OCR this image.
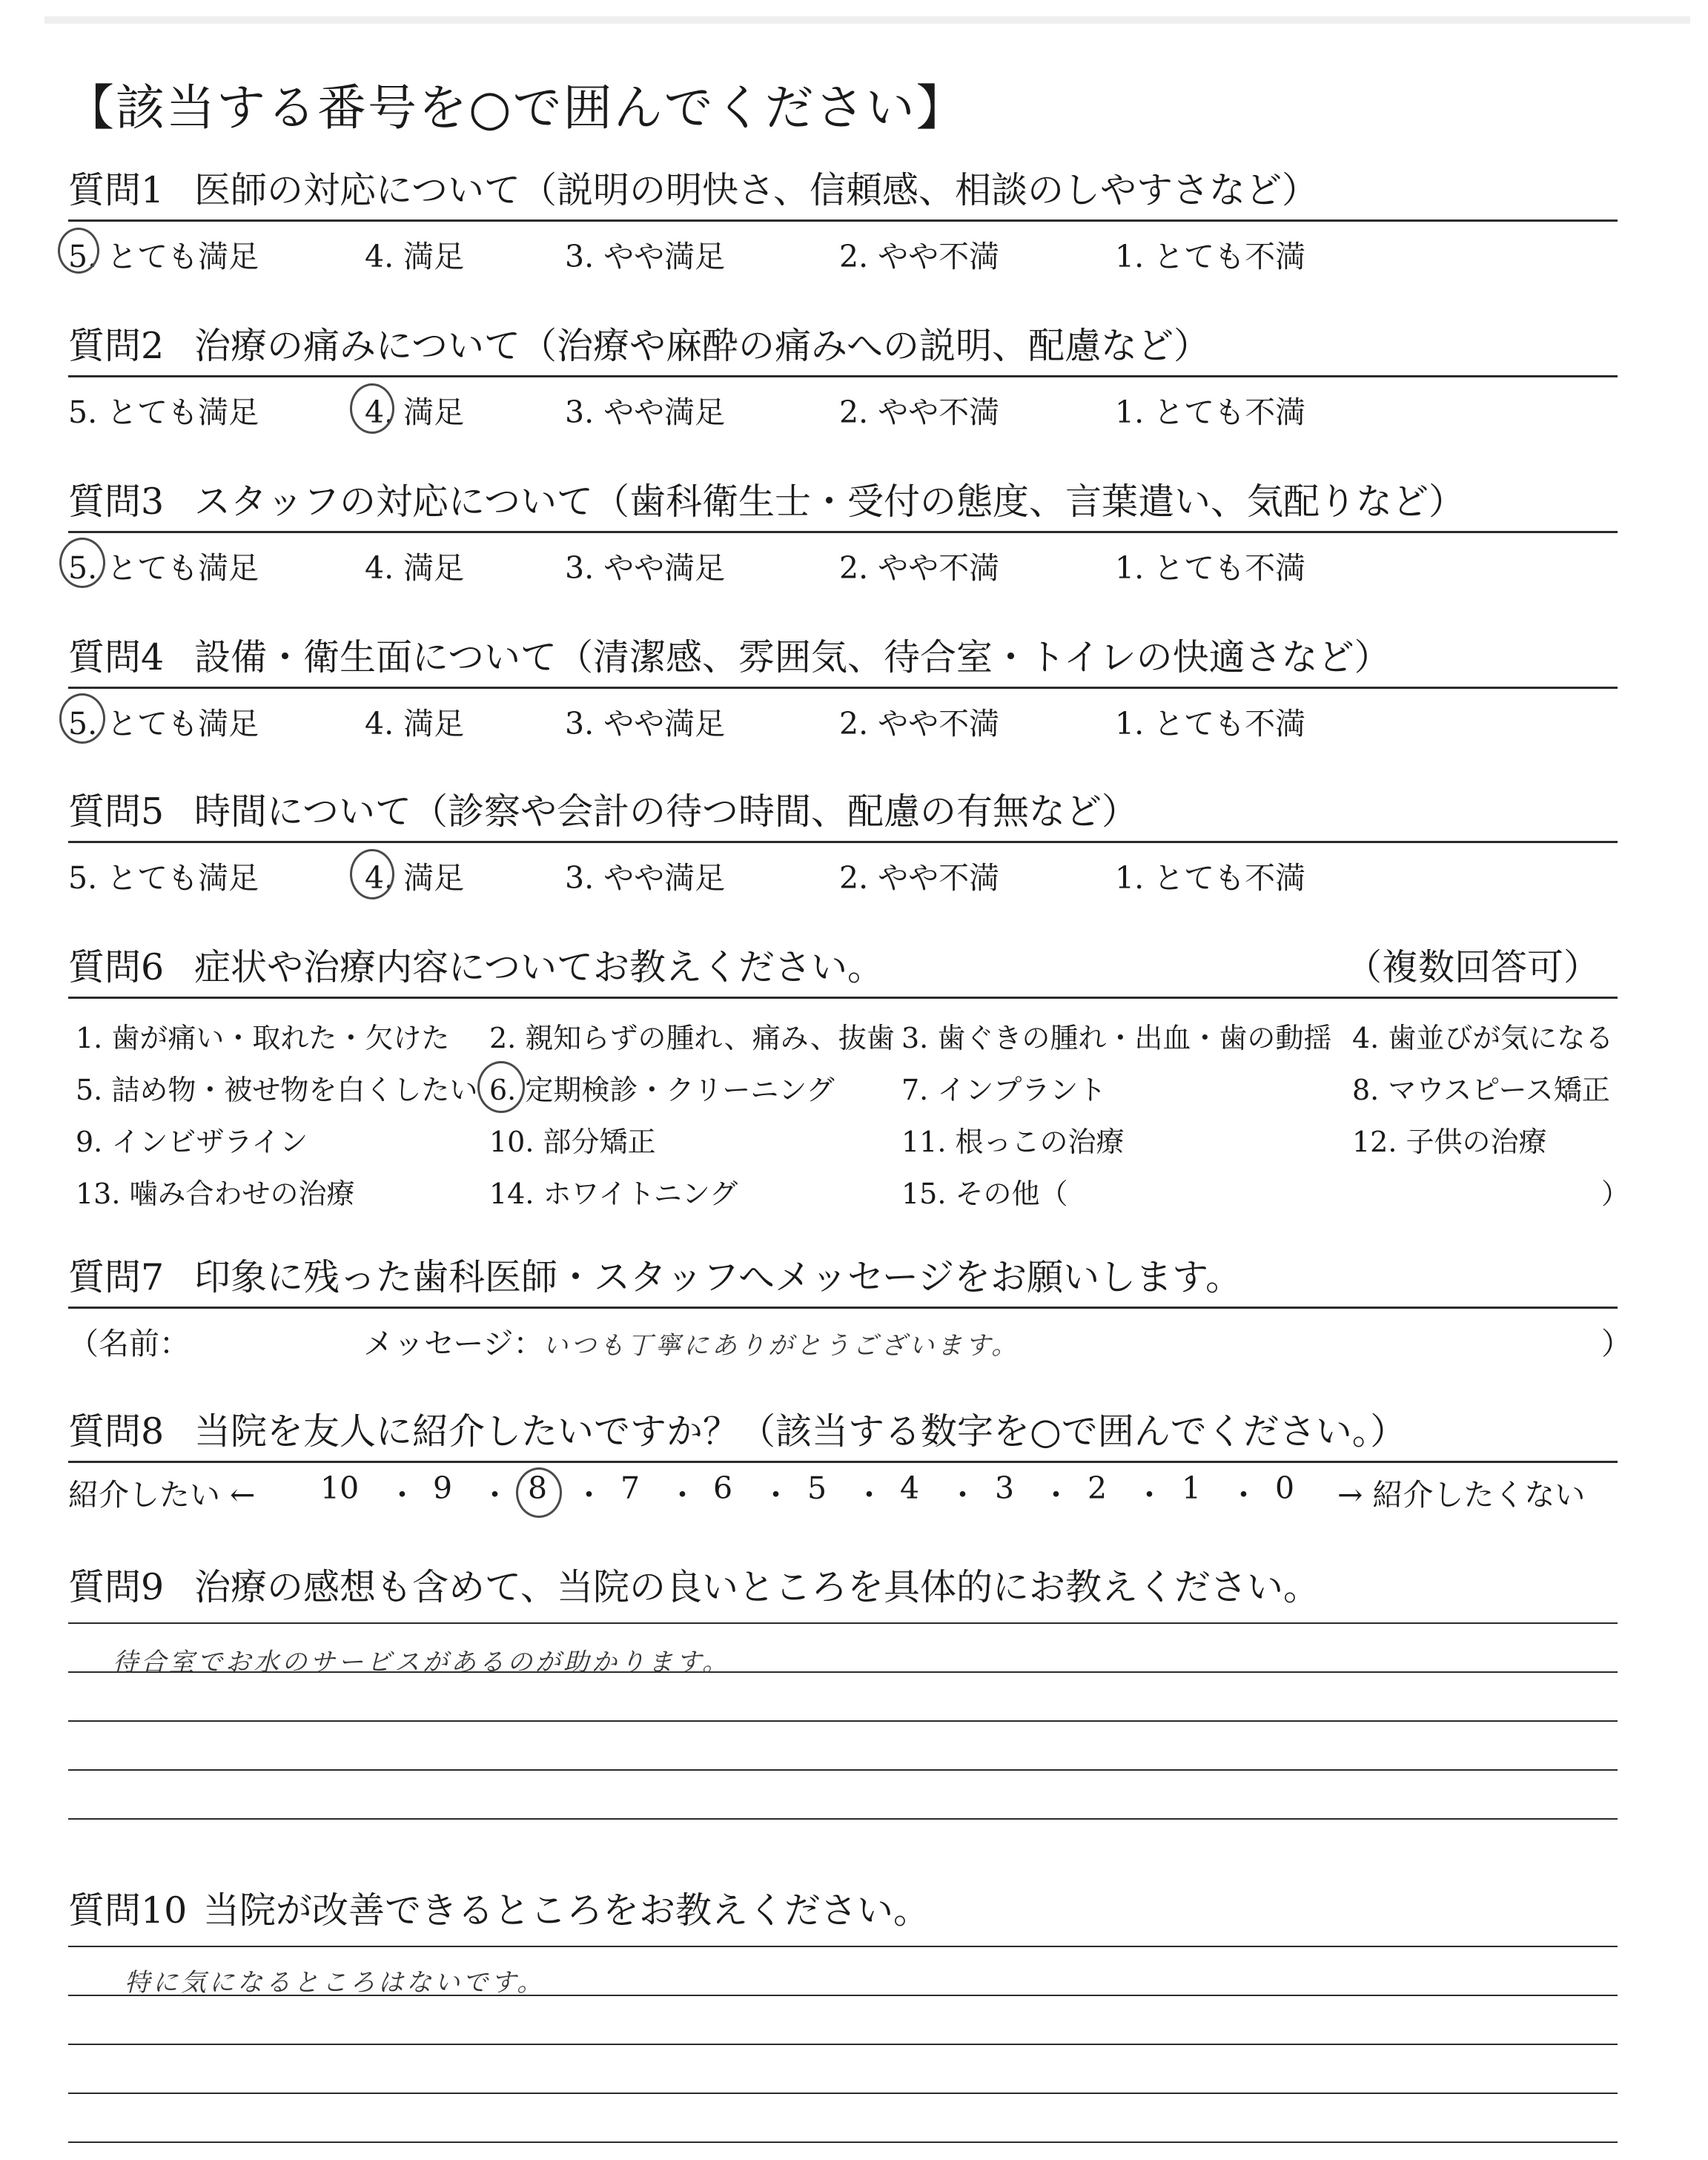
【該当する番号を○で囲んでください】
質問1 医師の対応について（説明の明快さ、信頼感、相談のしやすさなど）
5. とても満足	4. 満足	3. やや満足	2. やや不満	1. とても不満
質問2 治療の痛みについて（治療や麻酔の痛みへの説明、配慮など）
5. とても満足	4. 満足	3. やや満足	2. やや不満	1. とても不満
質問3 スタッフの対応について（歯科衛生士・受付の態度、言葉遣い、気配りなど）
5. とても満足	4. 満足	3. やや満足	2. やや不満	1. とても不満
質問4 設備・衛生面について（清潔感、雰囲気、待合室・トイレの快適さなど）
5. とても満足	4. 満足	3. やや満足	2. やや不満	1. とても不満
質問5 時間について（診察や会計の待つ時間、配慮の有無など）
5. とても満足	4. 満足	3. やや満足	2. やや不満	1. とても不満
質問6 症状や治療内容についてお教えください。	（複数回答可）
1. 歯が痛い・取れた・欠けた 2. 親知らずの腫れ、痛み、抜歯 3. 歯ぐきの腫れ・出血・歯の動揺 4. 歯並びが気になる
5. 詰め物・被せ物を白くしたい 6. 定期検診・クリーニング 7. インプラント	8. マウスピース矯正
9. インビザライン	10. 部分矯正	11. 根っこの治療	12. 子供の治療
13. 噛み合わせの治療	14. ホワイトニング	15. その他（	）
質問7 印象に残った歯科医師・スタッフへメッセージをお願いします。
（名前：	メッセージ：
いつも丁寧にありがとうございます。	）
質問8 当院を友人に紹介したいですか？（該当する数字を○で囲んでください。）
紹介したい ← 10 ・ 9 ・ 8 ・ 7 ・ 6 ・ 5 ・ 4 ・ 3 ・ 2 ・ 1 ・ 0 → 紹介したくない
質問9 治療の感想も含めて、当院の良いところを具体的にお教えください。
待合室でお水のサービスがあるのが助かります。
質問10 当院が改善できるところをお教えください。
特に気になるところはないです。
